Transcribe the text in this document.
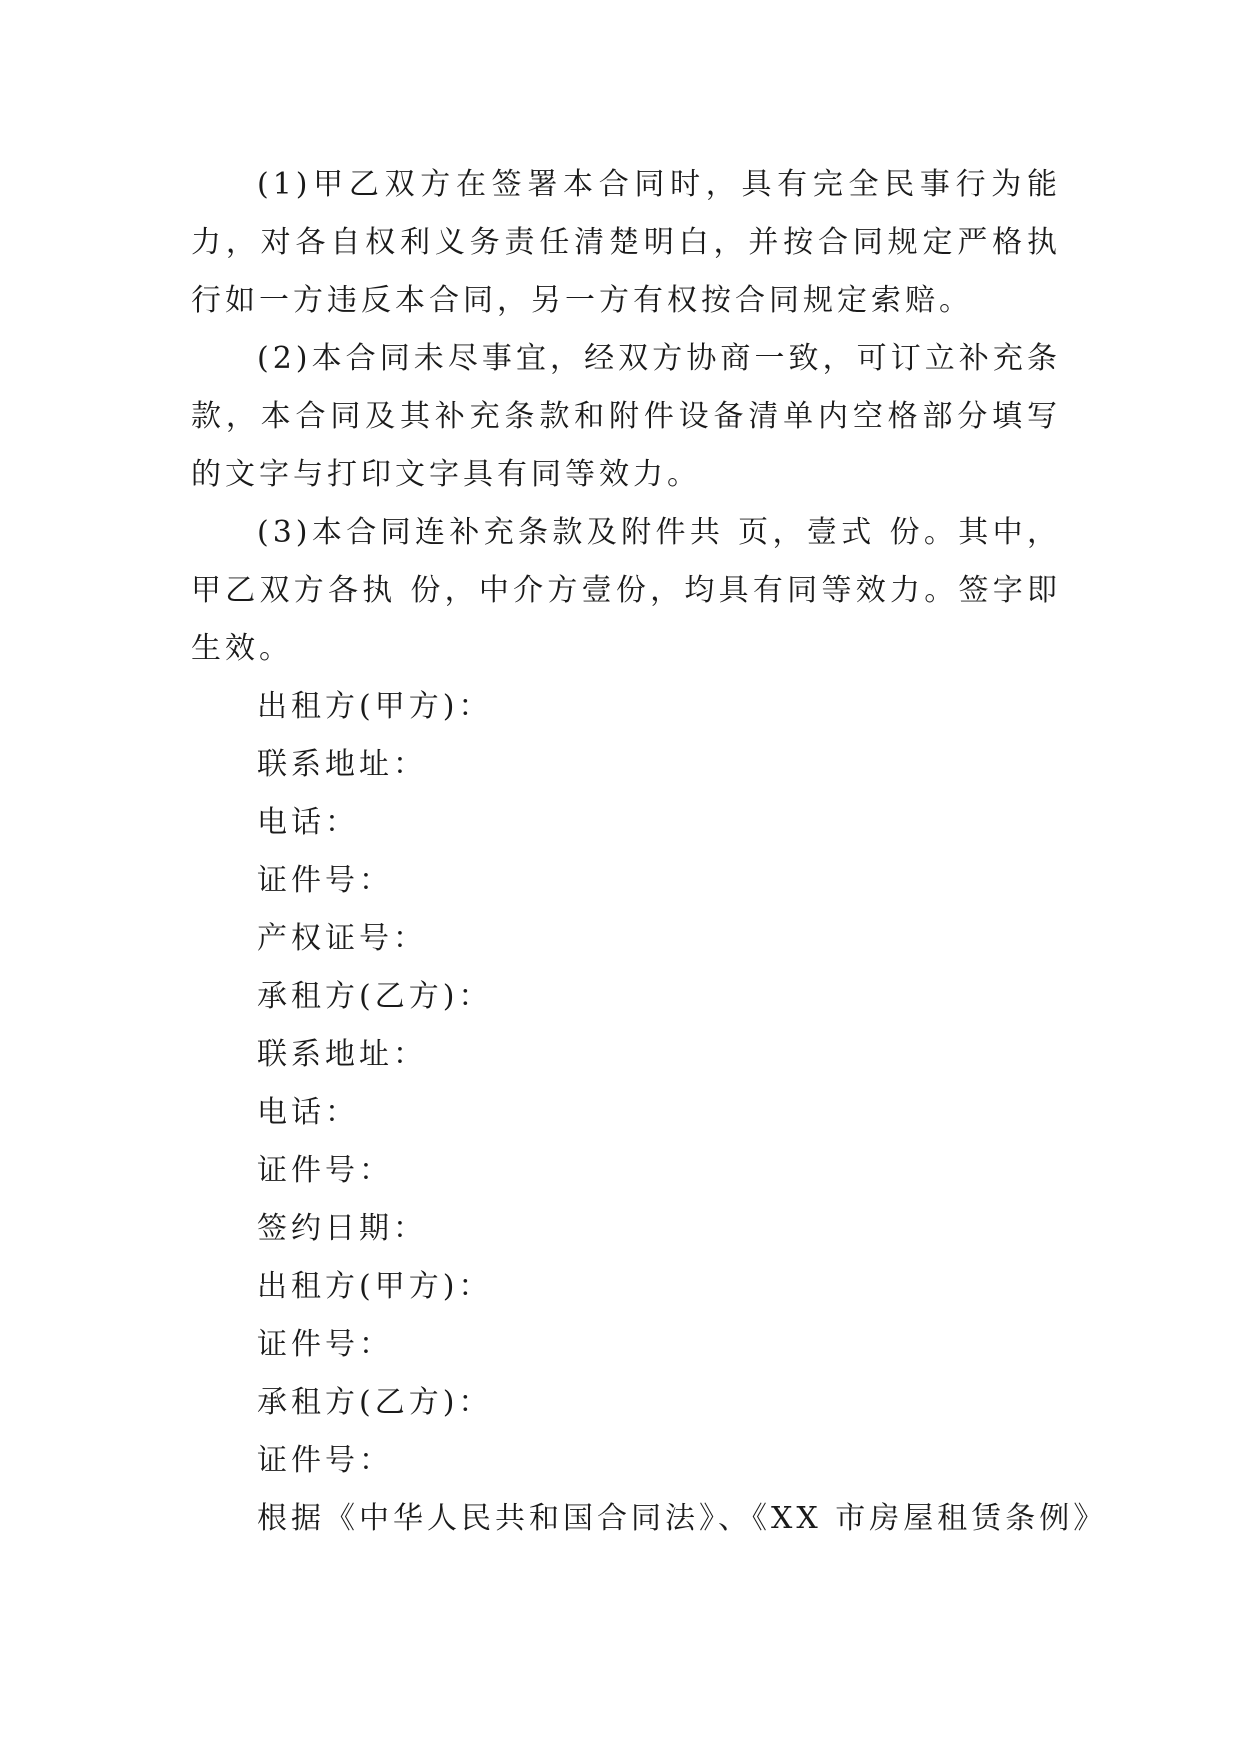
(1)甲乙双方在签署本合同时，具有完全民事行为能力，对各自权利义务责任清楚明白，并按合同规定严格执行如一方违反本合同，另一方有权按合同规定索赔。

(2)本合同未尽事宜，经双方协商一致，可订立补充条款，本合同及其补充条款和附件设备清单内空格部分填写的文字与打印文字具有同等效力。

(3)本合同连补充条款及附件共 页，壹式 份。其中，甲乙双方各执 份，中介方壹份，均具有同等效力。签字即生效。

出租方(甲方)：

联系地址：

电话：

证件号：

产权证号：

承租方(乙方)：

联系地址：

电话：

证件号：

签约日期：

出租方(甲方)：

证件号：

承租方(乙方)：

证件号：

根据《中华人民共和国合同法》、《XX 市房屋租赁条例》
